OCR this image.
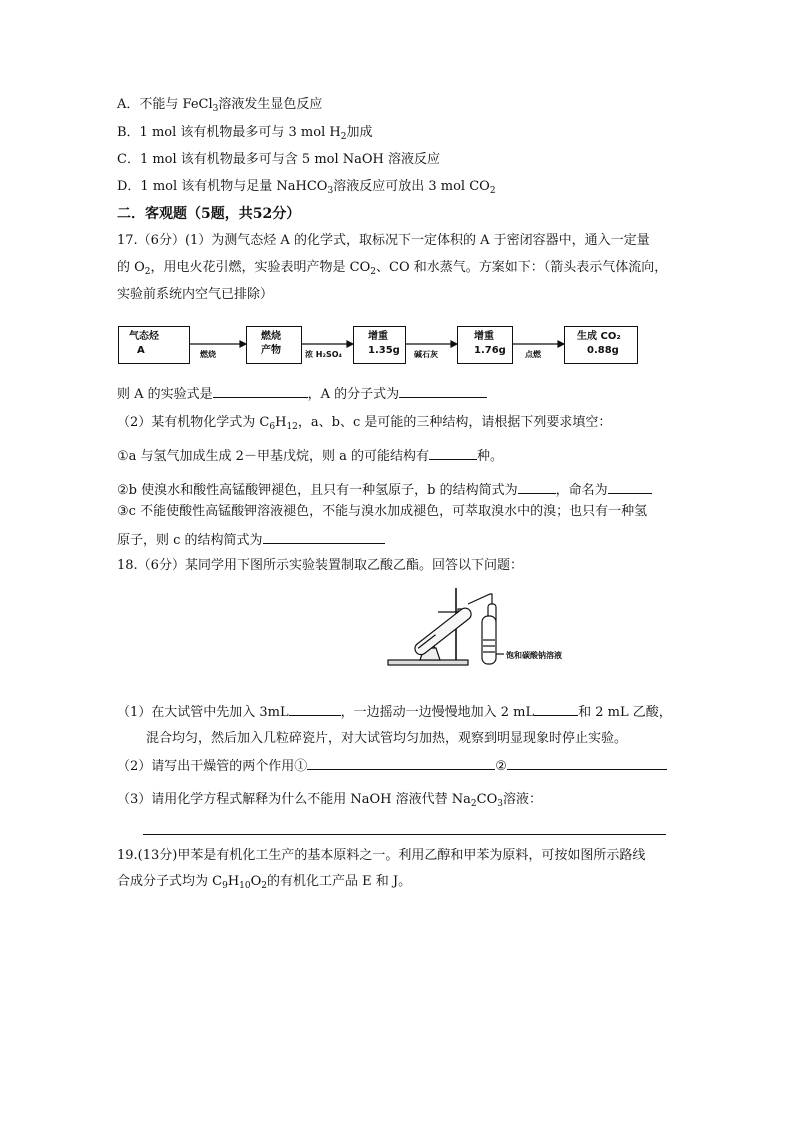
A．不能与 FeCl$_3$溶液发生显色反应
B．1 mol 该有机物最多可与 3 mol $H_2$加成
C．1 mol 该有机物最多可与含 5 mol NaOH 溶液反应
D．1 mol 该有机物与足量 NaHCO$_3$溶液反应可放出 3 mol $CO_2$
二．客观题（5题，共52分）
17.（6分）(1）为测气态烃 A 的化学式，取标况下一定体积的 A 于密闭容器中，通入一定量
的 $O_2$，用电火花引燃，实验表明产物是 $CO_2$、CO 和水蒸气。方案如下：（箭头表示气体流向，
实验前系统内空气已排除）
气态烃
A	燃烧
燃烧
产物	浓 H₂SO₄
增重
1.35g	碱石灰
增重
1.76g	点燃
生成 CO₂
0.88g
则 A 的实验式是	，A 的分子式为
（2）某有机物化学式为 $C_6H_{12}$，a、b、c 是可能的三种结构，请根据下列要求填空：
①a 与氢气加成生成 2－甲基戊烷，则 a 的可能结构有	种。
②b 使溴水和酸性高锰酸钾褪色，且只有一种氢原子，b 的结构简式为	，命名为
③c 不能使酸性高锰酸钾溶液褪色，不能与溴水加成褪色，可萃取溴水中的溴；也只有一种氢
原子，则 c 的结构简式为
18.（6分）某同学用下图所示实验装置制取乙酸乙酯。回答以下问题：
饱和碳酸钠溶液
（1）在大试管中先加入 3mL	，一边摇动一边慢慢地加入 2 mL	和 2 mL 乙酸，
混合均匀，然后加入几粒碎瓷片，对大试管均匀加热，观察到明显现象时停止实验。
（2）请写出干燥管的两个作用①	②
（3）请用化学方程式解释为什么不能用 NaOH 溶液代替 $Na_2CO_3$溶液：
19.(13分)甲苯是有机化工生产的基本原料之一。利用乙醇和甲苯为原料，可按如图所示路线
合成分子式均为 $C_9H_{10}O_2$的有机化工产品 E 和 J。
